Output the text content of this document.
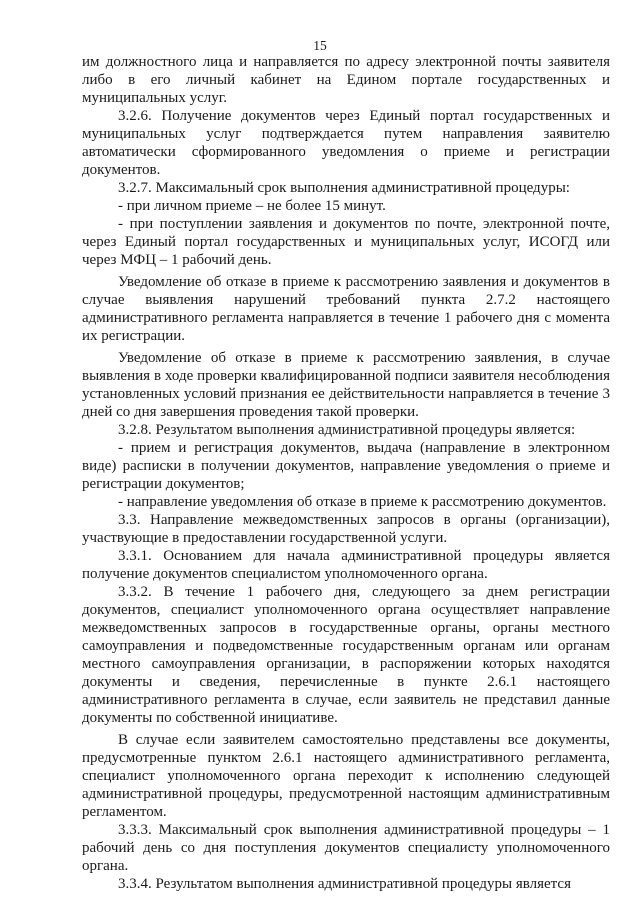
15

им должностного лица и направляется по адресу электронной почты заявителя либо в его личный кабинет на Едином портале государственных и муниципальных услуг.

3.2.6. Получение документов через Единый портал государственных и муниципальных услуг подтверждается путем направления заявителю автоматически сформированного уведомления о приеме и регистрации документов.

3.2.7. Максимальный срок выполнения административной процедуры:

- при личном приеме – не более 15 минут.

- при поступлении заявления и документов по почте, электронной почте, через Единый портал государственных и муниципальных услуг, ИСОГД или через МФЦ – 1 рабочий день.

Уведомление об отказе в приеме к рассмотрению заявления и документов в случае выявления нарушений требований пункта 2.7.2 настоящего административного регламента направляется в течение 1 рабочего дня с момента их регистрации.

Уведомление об отказе в приеме к рассмотрению заявления, в случае выявления в ходе проверки квалифицированной подписи заявителя несоблюдения установленных условий признания ее действительности направляется в течение 3 дней со дня завершения проведения такой проверки.

3.2.8. Результатом выполнения административной процедуры является:

- прием и регистрация документов, выдача (направление в электронном виде) расписки в получении документов, направление уведомления о приеме и регистрации документов;

- направление уведомления об отказе в приеме к рассмотрению документов.

3.3. Направление межведомственных запросов в органы (организации), участвующие в предоставлении государственной услуги.

3.3.1. Основанием для начала административной процедуры является получение документов специалистом уполномоченного органа.

3.3.2. В течение 1 рабочего дня, следующего за днем регистрации документов, специалист уполномоченного органа осуществляет направление межведомственных запросов в государственные органы, органы местного самоуправления и подведомственные государственным органам или органам местного самоуправления организации, в распоряжении которых находятся документы и сведения, перечисленные в пункте 2.6.1 настоящего административного регламента в случае, если заявитель не представил данные документы по собственной инициативе.

В случае если заявителем самостоятельно представлены все документы, предусмотренные пунктом 2.6.1 настоящего административного регламента, специалист уполномоченного органа переходит к исполнению следующей административной процедуры, предусмотренной настоящим административным регламентом.

3.3.3. Максимальный срок выполнения административной процедуры – 1 рабочий день со дня поступления документов специалисту уполномоченного органа.

3.3.4. Результатом выполнения административной процедуры является
